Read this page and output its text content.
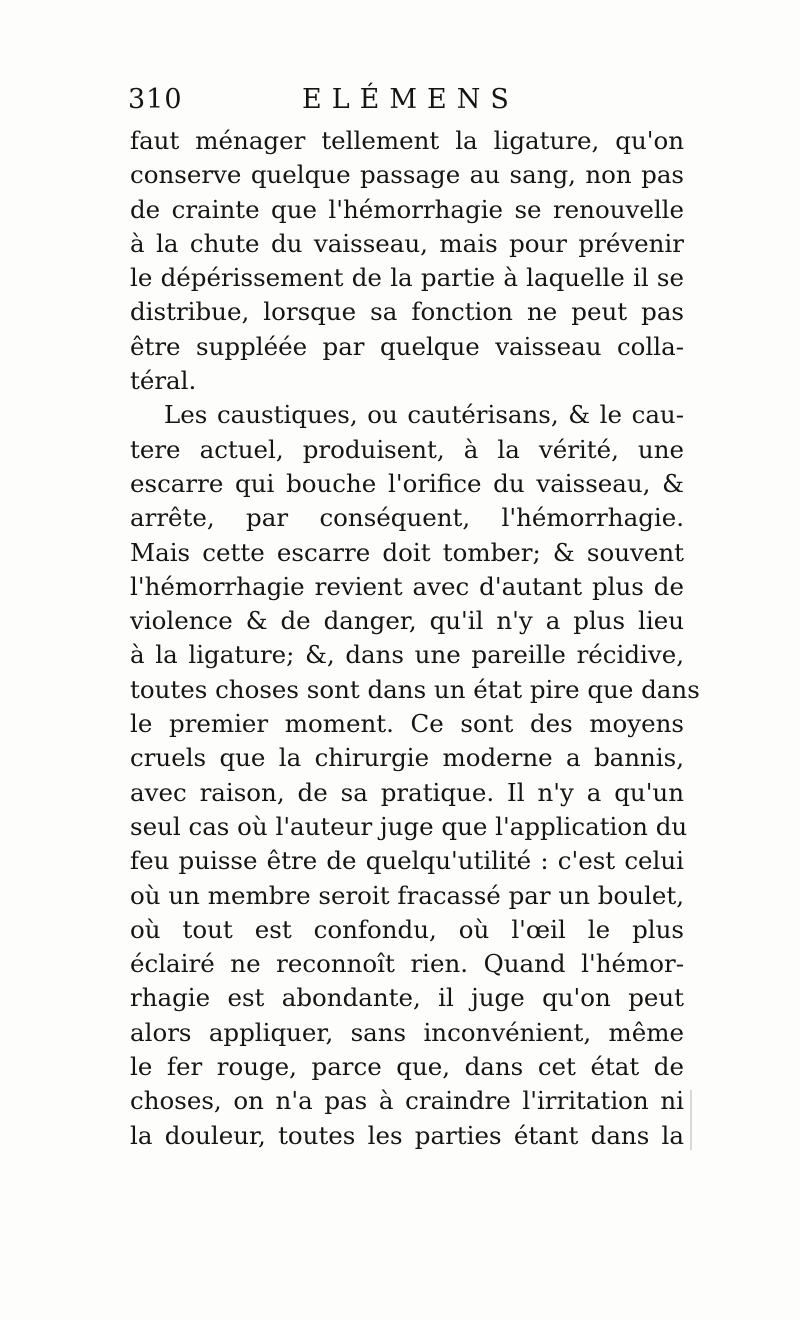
310	ELÉMENS
faut ménager tellement la ligature, qu'on
conserve quelque passage au sang, non pas
de crainte que l'hémorrhagie se renouvelle
à la chute du vaisseau, mais pour prévenir
le dépérissement de la partie à laquelle il se
distribue, lorsque sa fonction ne peut pas
être suppléée par quelque vaisseau colla-
téral.
Les caustiques, ou cautérisans, & le cau-
tere actuel, produisent, à la vérité, une
escarre qui bouche l'orifice du vaisseau, &
arrête, par conséquent, l'hémorrhagie.
Mais cette escarre doit tomber; & souvent
l'hémorrhagie revient avec d'autant plus de
violence & de danger, qu'il n'y a plus lieu
à la ligature; &, dans une pareille récidive,
toutes choses sont dans un état pire que dans
le premier moment. Ce sont des moyens
cruels que la chirurgie moderne a bannis,
avec raison, de sa pratique. Il n'y a qu'un
seul cas où l'auteur juge que l'application du
feu puisse être de quelqu'utilité : c'est celui
où un membre seroit fracassé par un boulet,
où tout est confondu, où l'œil le plus
éclairé ne reconnoît rien. Quand l'hémor-
rhagie est abondante, il juge qu'on peut
alors appliquer, sans inconvénient, même
le fer rouge, parce que, dans cet état de
choses, on n'a pas à craindre l'irritation ni
la douleur, toutes les parties étant dans la
